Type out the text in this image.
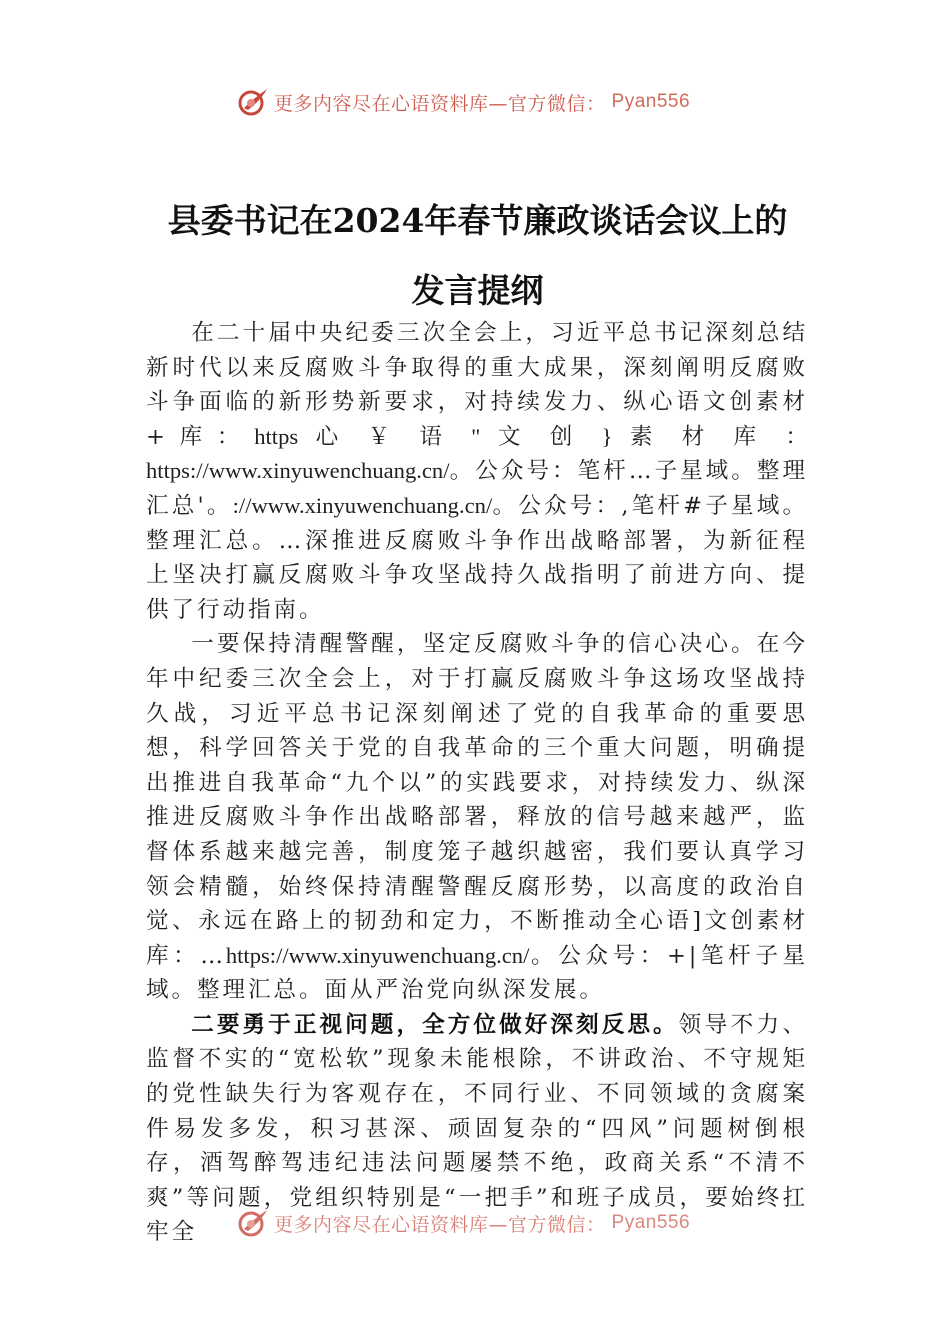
更多内容尽在心语资料库—官方微信： Pyan556
县委书记在2024年春节廉政谈话会议上的
发言提纲

在二十届中央纪委三次全会上，习近平总书记深刻总结新时代以来反腐败斗争取得的重大成果，深刻阐明反腐败斗争面临的新形势新要求，对持续发力、纵心语文创素材+库：https 心 ￥ 语 " 文 创 } 素 材 库 ： https://www.xinyuwenchuang.cn/。公众号：笔杆…子星域。整理汇总'。://www.xinyuwenchuang.cn/。公众号：,笔杆#子星域。整理汇总。…深推进反腐败斗争作出战略部署，为新征程上坚决打赢反腐败斗争攻坚战持久战指明了前进方向、提供了行动指南。

一要保持清醒警醒，坚定反腐败斗争的信心决心。在今年中纪委三次全会上，对于打赢反腐败斗争这场攻坚战持久战，习近平总书记深刻阐述了党的自我革命的重要思想，科学回答关于党的自我革命的三个重大问题，明确提出推进自我革命“九个以”的实践要求，对持续发力、纵深推进反腐败斗争作出战略部署，释放的信号越来越严，监督体系越来越完善，制度笼子越织越密，我们要认真学习领会精髓，始终保持清醒警醒反腐形势，以高度的政治自觉、永远在路上的韧劲和定力，不断推动全心语]文创素材库：…https://www.xinyuwenchuang.cn/。公众号：+|笔杆子星域。整理汇总。面从严治党向纵深发展。

二要勇于正视问题，全方位做好深刻反思。领导不力、监督不实的“宽松软”现象未能根除，不讲政治、不守规矩的党性缺失行为客观存在，不同行业、不同领域的贪腐案件易发多发，积习甚深、顽固复杂的“四风”问题树倒根存，酒驾醉驾违纪违法问题屡禁不绝，政商关系“不清不爽”等问题，党组织特别是“一把手”和班子成员，要始终扛牢全	更多内容尽在心语资料库—官方微信： Pyan556
